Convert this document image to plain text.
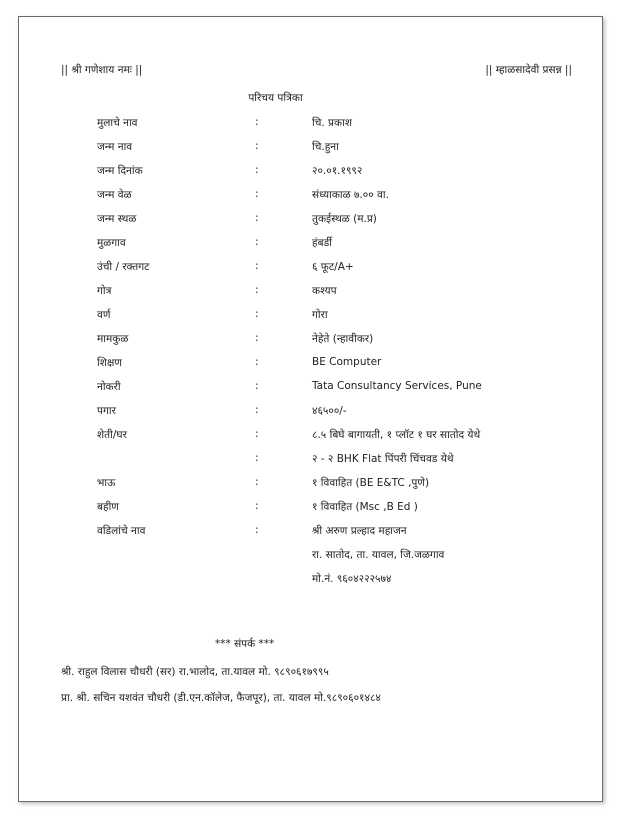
|| श्री गणेशाय नमः ||	|| म्हाळसादेवी प्रसन्न ||
परिचय पत्रिका
मुलाचे नाव	:	चि. प्रकाश
जन्म नाव	:	चि.हुना
जन्म दिनांक	:	२०.०१.१९९२
जन्म वेळ	:	संध्याकाळ ७.०० वा.
जन्म स्थळ	:	तुकईस्थळ (म.प्र)
मुळगाव	:	हंबर्डी
उंची / रक्तगट	:	६ फूट/A+
गोत्र	:	कश्यप
वर्ण	:	गोरा
मामकुळ	:	नेहेते (न्हावीकर)
शिक्षण	:	BE Computer
नोकरी	:	Tata Consultancy Services, Pune
पगार	:	४६५००/-
शेती/घर	:	८.५ बिघे बागायती, १ प्लॉट १ घर सातोद येथे
:	२ - २ BHK Flat पिंपरी चिंचवड येथे
भाऊ	:	१ विवाहित (BE E&TC ,पुणे)
बहीण	:	१ विवाहित (Msc ,B Ed )
वडिलांचे नाव	:	श्री अरुण प्रल्हाद महाजन
रा. सातोद, ता. यावल, जि.जळगाव
मो.नं. ९६०४२२२५७४
*** संपर्क ***
श्री. राहुल विलास चौधरी (सर) रा.भालोद, ता.यावल मो. ९८९०६१७९९५
प्रा. श्री. सचिन यशवंत चौधरी (डी.एन.कॉलेज, फैजपूर), ता. यावल मो.९८९०६०१४८४
